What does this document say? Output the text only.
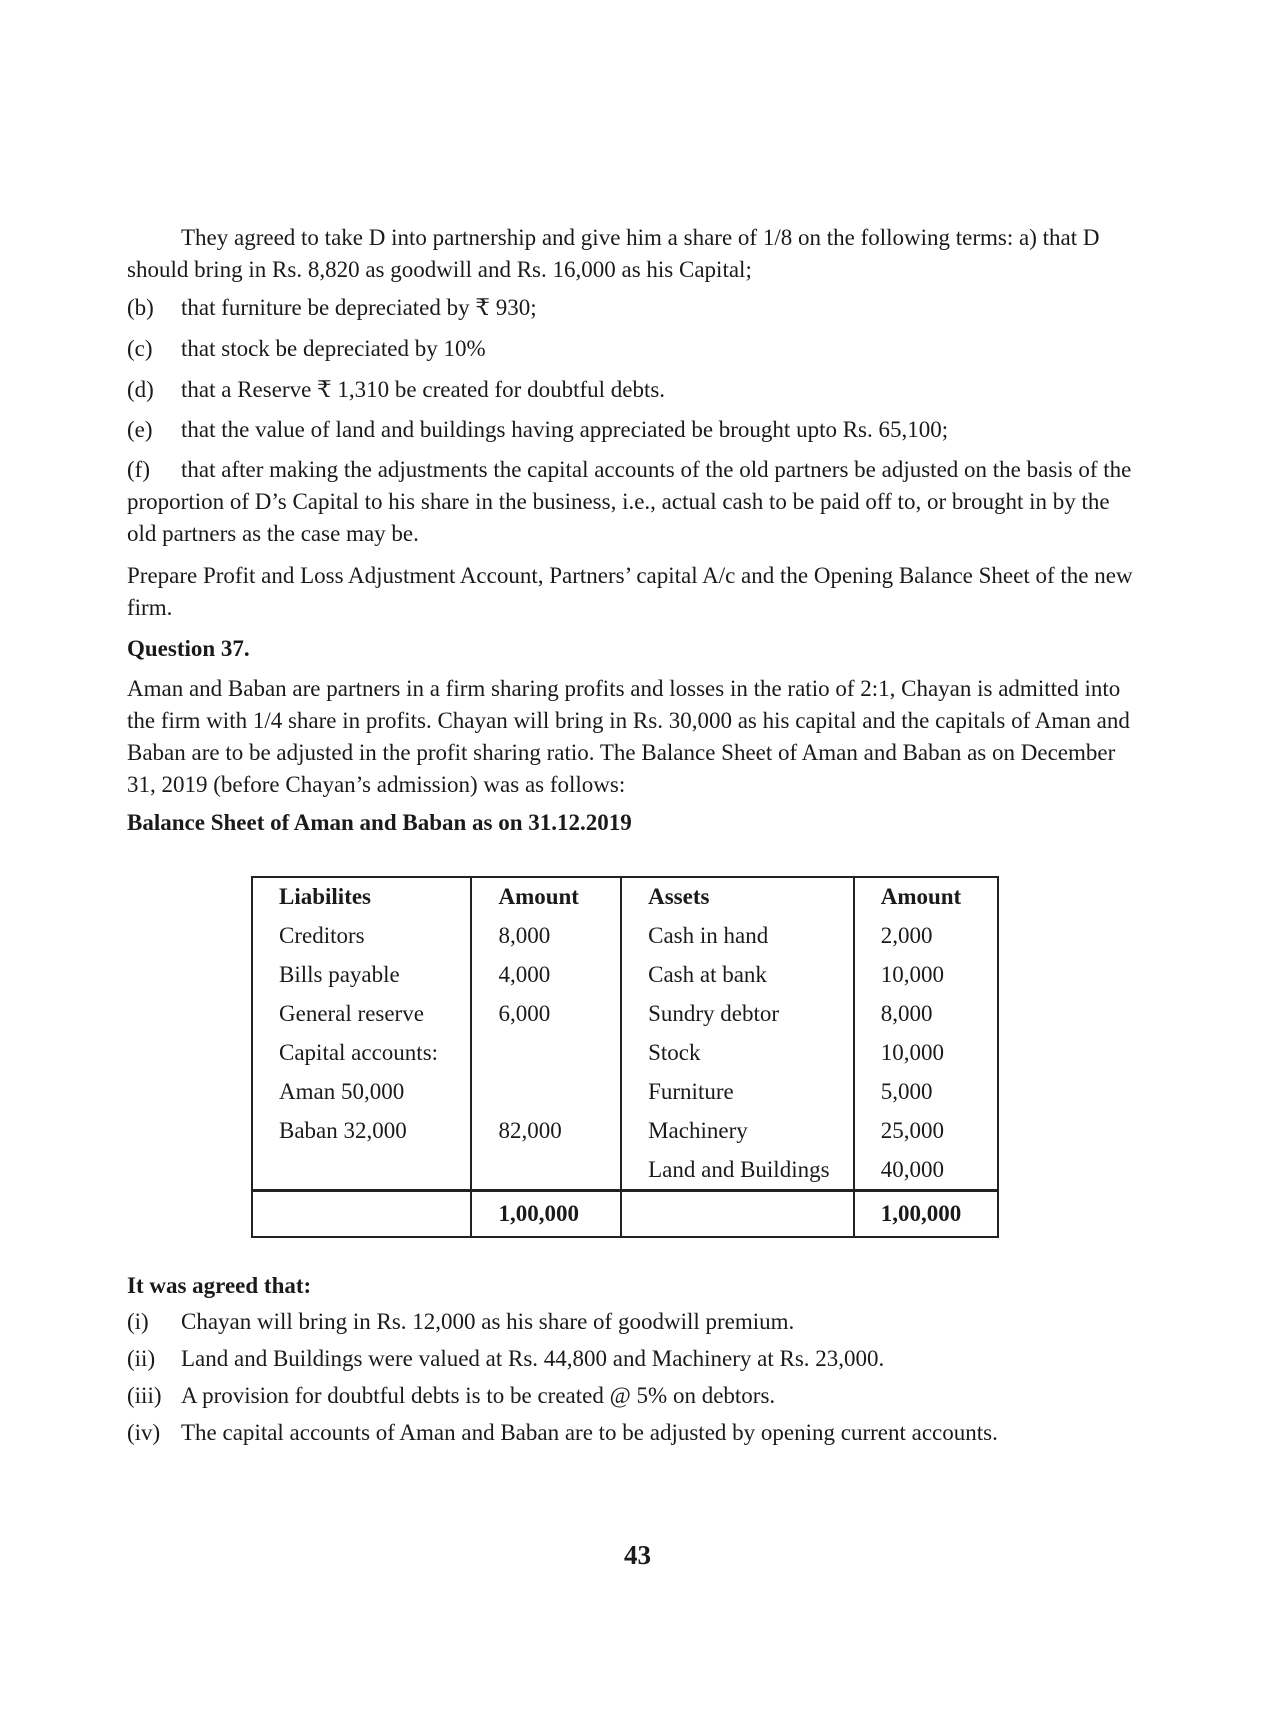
They agreed to take D into partnership and give him a share of 1/8 on the following terms: a) that D should bring in Rs. 8,820 as goodwill and Rs. 16,000 as his Capital;

(b) that furniture be depreciated by ₹ 930;
(c) that stock be depreciated by 10%
(d) that a Reserve ₹ 1,310 be created for doubtful debts.
(e) that the value of land and buildings having appreciated be brought upto Rs. 65,100;
(f) that after making the adjustments the capital accounts of the old partners be adjusted on the basis of the proportion of D’s Capital to his share in the business, i.e., actual cash to be paid off to, or brought in by the old partners as the case may be.

Prepare Profit and Loss Adjustment Account, Partners’ capital A/c and the Opening Balance Sheet of the new firm.

Question 37.

Aman and Baban are partners in a firm sharing profits and losses in the ratio of 2:1, Chayan is admitted into the firm with 1/4 share in profits. Chayan will bring in Rs. 30,000 as his capital and the capitals of Aman and Baban are to be adjusted in the profit sharing ratio. The Balance Sheet of Aman and Baban as on December 31, 2019 (before Chayan’s admission) was as follows:

Balance Sheet of Aman and Baban as on 31.12.2019
Liabilites	Amount	Assets	Amount
Creditors	8,000	Cash in hand	2,000
Bills payable	4,000	Cash at bank	10,000
General reserve	6,000	Sundry debtor	8,000
Capital accounts:		Stock	10,000
Aman 50,000		Furniture	5,000
Baban 32,000	82,000	Machinery	25,000
		Land and Buildings	40,000
	1,00,000		1,00,000
It was agreed that:
(i) Chayan will bring in Rs. 12,000 as his share of goodwill premium.
(ii) Land and Buildings were valued at Rs. 44,800 and Machinery at Rs. 23,000.
(iii) A provision for doubtful debts is to be created @ 5% on debtors.
(iv) The capital accounts of Aman and Baban are to be adjusted by opening current accounts.
43
